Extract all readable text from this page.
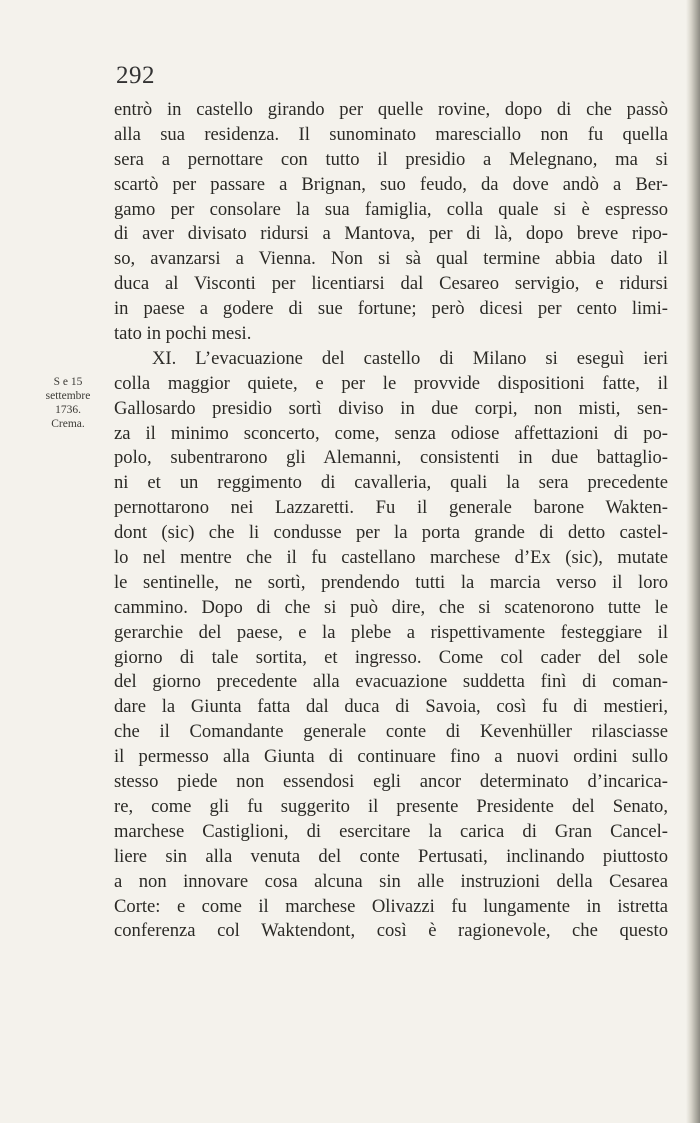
292
S e 15
settembre
1736.
Crema.
entrò in castello girando per quelle rovine, dopo di che passò
alla sua residenza. Il sunominato maresciallo non fu quella
sera a pernottare con tutto il presidio a Melegnano, ma si
scartò per passare a Brignan, suo feudo, da dove andò a Ber-
gamo per consolare la sua famiglia, colla quale si è espresso
di aver divisato ridursi a Mantova, per di là, dopo breve ripo-
so, avanzarsi a Vienna. Non si sà qual termine abbia dato il
duca al Visconti per licentiarsi dal Cesareo servigio, e ridursi
in paese a godere di sue fortune; però dicesi per cento limi-
tato in pochi mesi.
XI. L’evacuazione del castello di Milano si eseguì ieri
colla maggior quiete, e per le provvide dispositioni fatte, il
Gallosardo presidio sortì diviso in due corpi, non misti, sen-
za il minimo sconcerto, come, senza odiose affettazioni di po-
polo, subentrarono gli Alemanni, consistenti in due battaglio-
ni et un reggimento di cavalleria, quali la sera precedente
pernottarono nei Lazzaretti. Fu il generale barone Wakten-
dont (sic) che li condusse per la porta grande di detto castel-
lo nel mentre che il fu castellano marchese d’Ex (sic), mutate
le sentinelle, ne sortì, prendendo tutti la marcia verso il loro
cammino. Dopo di che si può dire, che si scatenorono tutte le
gerarchie del paese, e la plebe a rispettivamente festeggiare il
giorno di tale sortita, et ingresso. Come col cader del sole
del giorno precedente alla evacuazione suddetta finì di coman-
dare la Giunta fatta dal duca di Savoia, così fu di mestieri,
che il Comandante generale conte di Kevenhüller rilasciasse
il permesso alla Giunta di continuare fino a nuovi ordini sullo
stesso piede non essendosi egli ancor determinato d’incarica-
re, come gli fu suggerito il presente Presidente del Senato,
marchese Castiglioni, di esercitare la carica di Gran Cancel-
liere sin alla venuta del conte Pertusati, inclinando piuttosto
a non innovare cosa alcuna sin alle instruzioni della Cesarea
Corte: e come il marchese Olivazzi fu lungamente in istretta
conferenza col Waktendont, così è ragionevole, che questo
